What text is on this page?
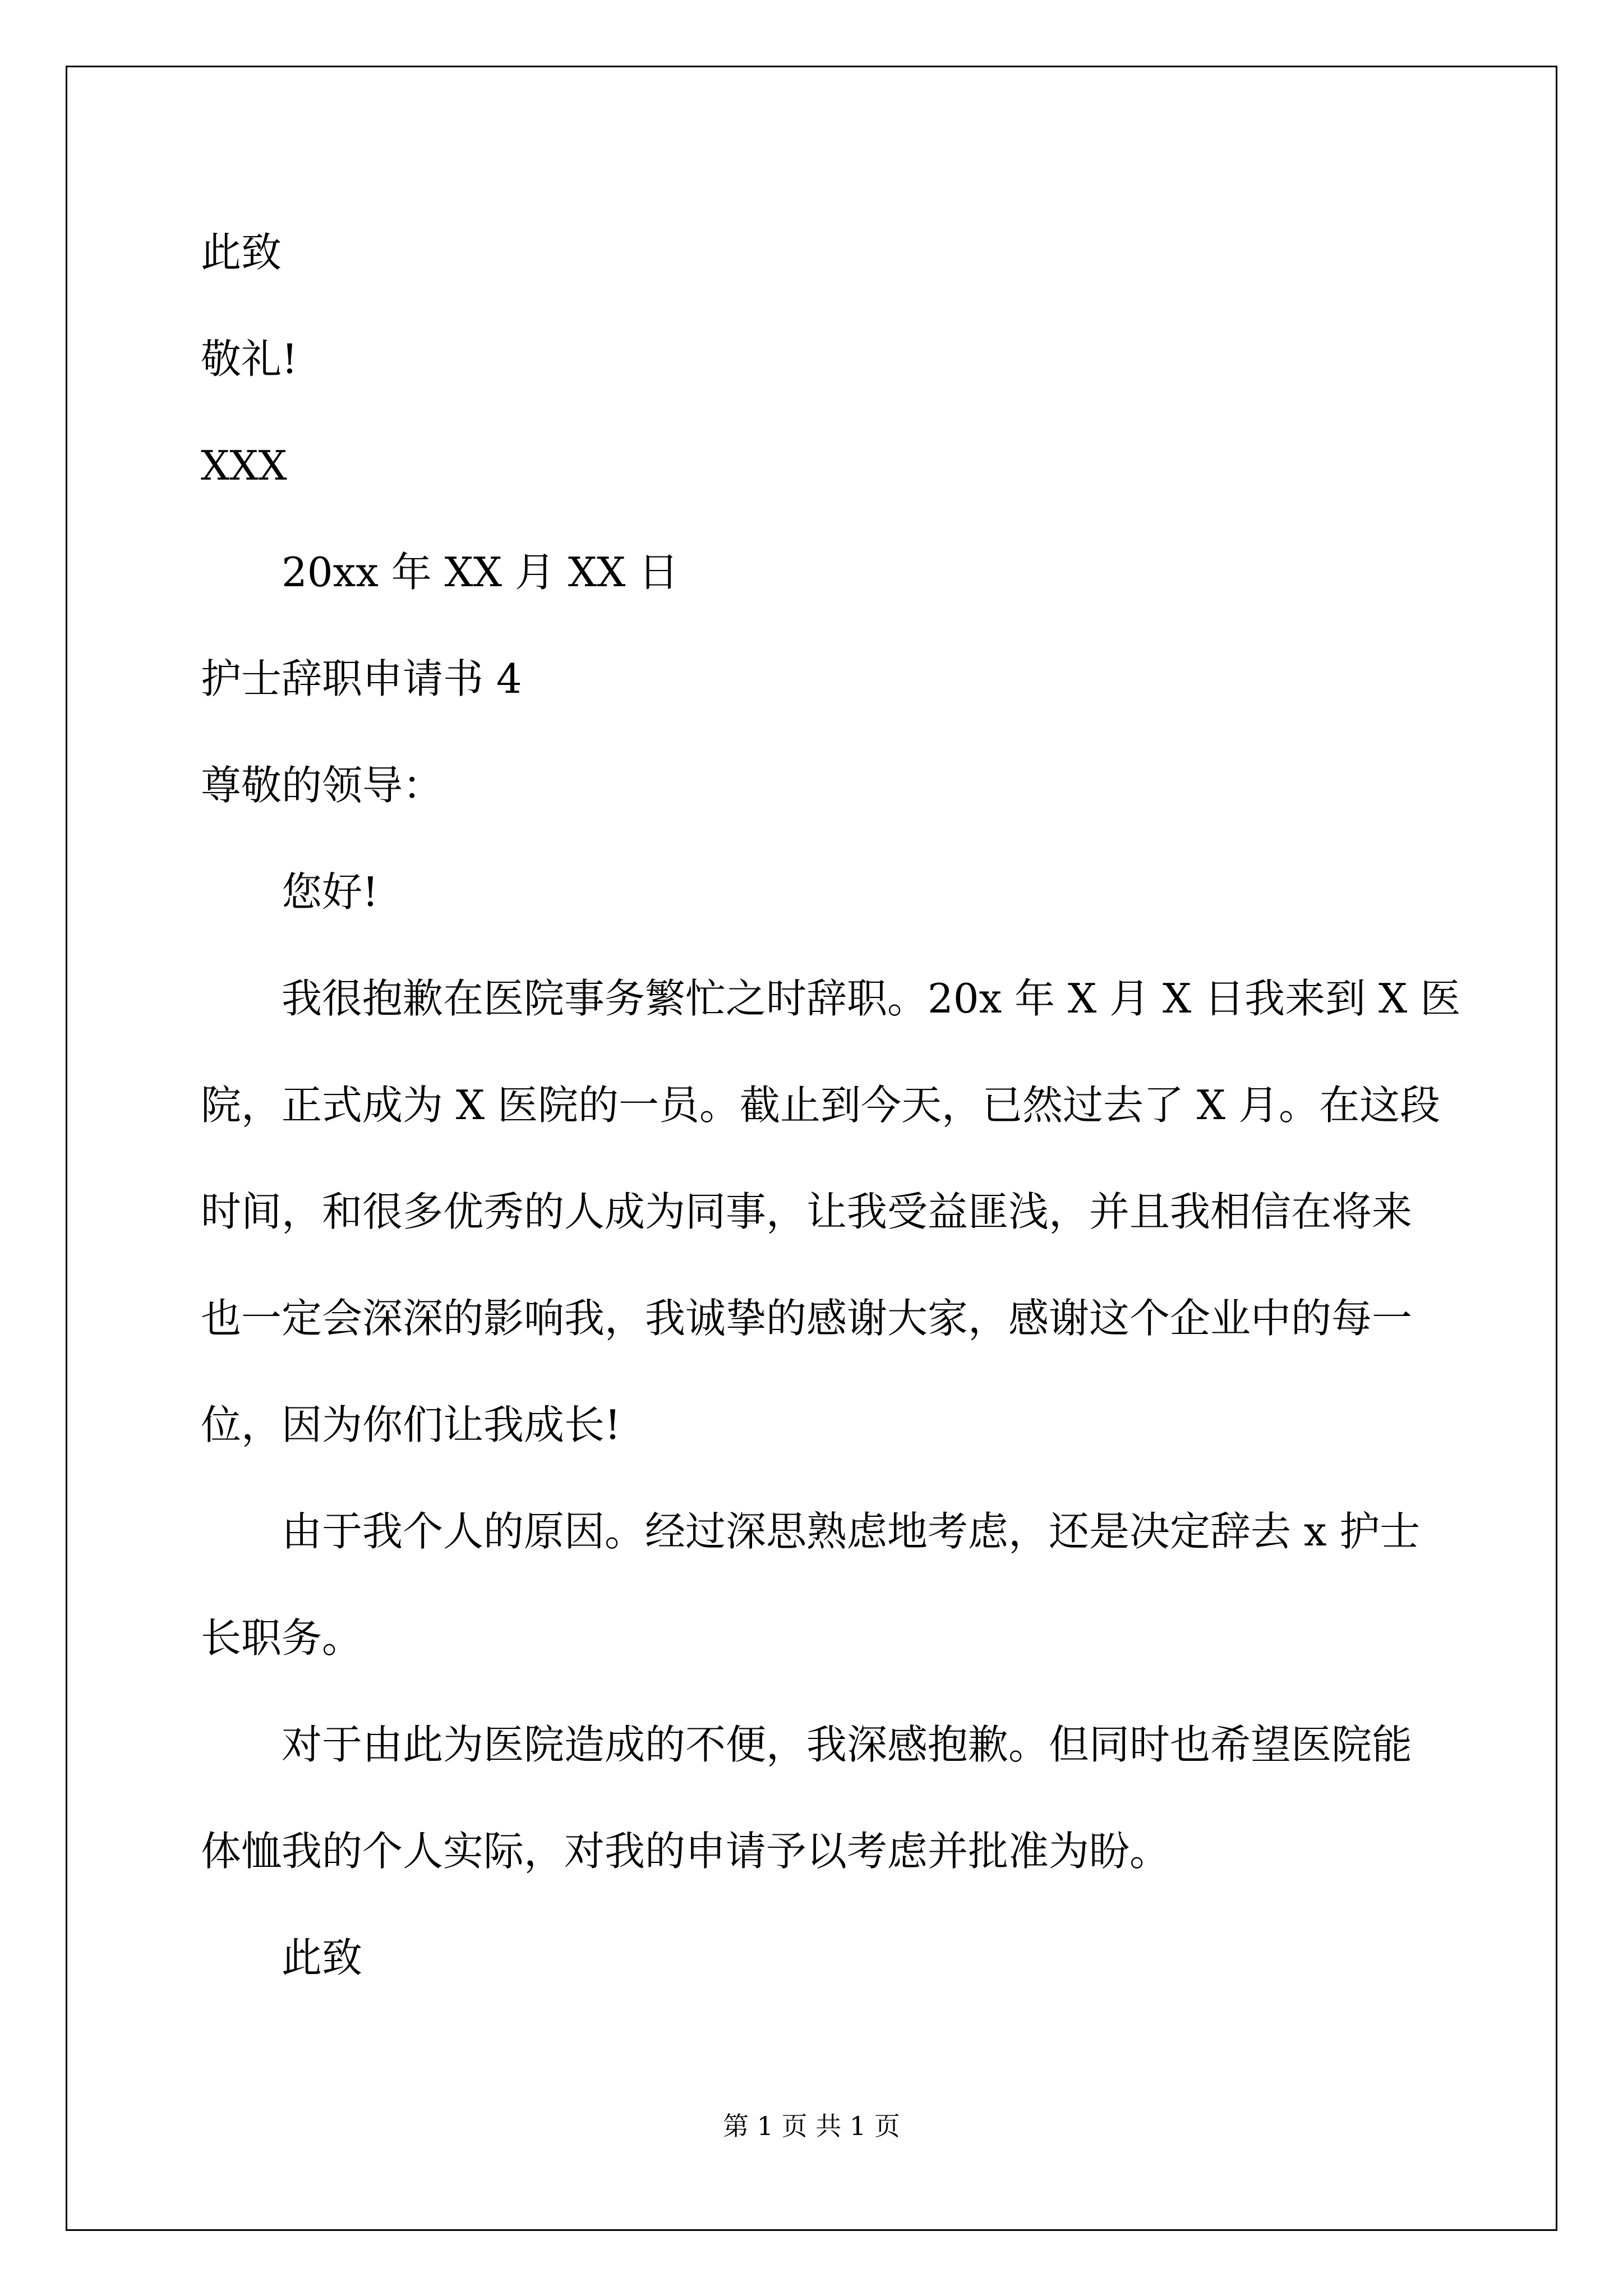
此致
敬礼!
XXX
20xx 年 XX 月 XX 日
护士辞职申请书 4
尊敬的领导：
您好!
我很抱歉在医院事务繁忙之时辞职。20x 年 X 月 X 日我来到 X 医
院，正式成为 X 医院的一员。截止到今天，已然过去了 X 月。在这段
时间，和很多优秀的人成为同事，让我受益匪浅，并且我相信在将来
也一定会深深的影响我，我诚挚的感谢大家，感谢这个企业中的每一
位，因为你们让我成长!
由于我个人的原因。经过深思熟虑地考虑，还是决定辞去 x 护士
长职务。
对于由此为医院造成的不便，我深感抱歉。但同时也希望医院能
体恤我的个人实际，对我的申请予以考虑并批准为盼。
此致
第 1 页 共 1 页
